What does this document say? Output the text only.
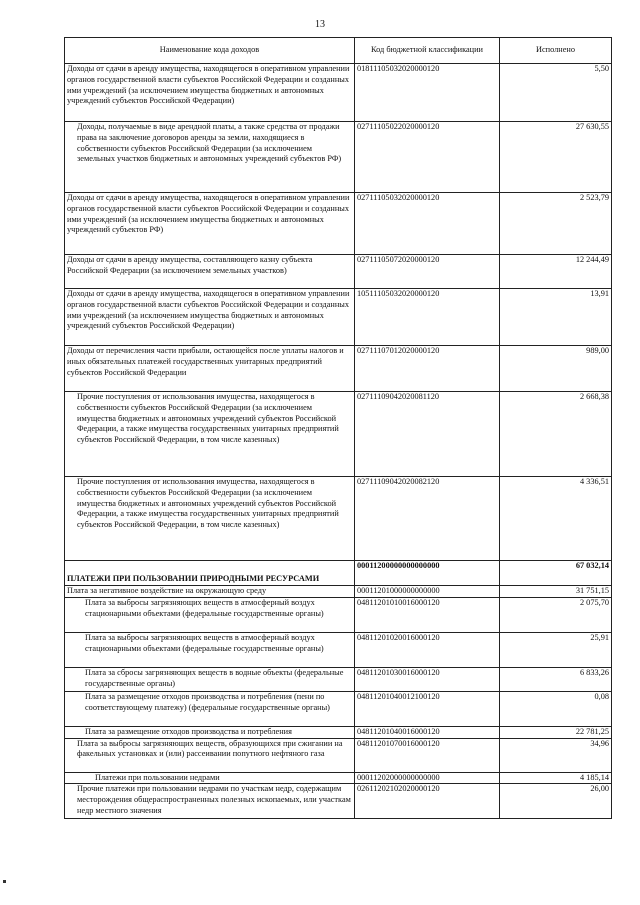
13
Наименование кода доходов	Код бюджетной классификации	Исполнено
Доходы от сдачи в аренду имущества, находящегося в оперативном управлении органов государственной власти субъектов Российской Федерации и созданных ими учреждений (за исключением имущества бюджетных и автономных учреждений субъектов Российской Федерации)	01811105032020000120	5,50
Доходы, получаемые в виде арендной платы, а также средства от продажи права на заключение договоров аренды за земли, находящиеся в собственности субъектов Российской Федерации (за исключением земельных участков бюджетных и автономных учреждений субъектов РФ)	02711105022020000120	27 630,55
Доходы от сдачи в аренду имущества, находящегося в оперативном управлении органов государственной власти субъектов Российской Федерации и созданных ими учреждений (за исключением имущества бюджетных и автономных учреждений субъектов РФ)	02711105032020000120	2 523,79
Доходы от сдачи в аренду имущества, составляющего казну субъекта Российской Федерации (за исключением земельных участков)	02711105072020000120	12 244,49
Доходы от сдачи в аренду имущества, находящегося в оперативном управлении органов государственной власти субъектов Российской Федерации и созданных ими учреждений (за исключением имущества бюджетных и автономных учреждений субъектов Российской Федерации)	10511105032020000120	13,91
Доходы от перечисления части прибыли, остающейся после уплаты налогов и иных обязательных платежей государственных унитарных предприятий субъектов Российской Федерации	02711107012020000120	989,00
Прочие поступления от использования имущества, находящегося в собственности субъектов Российской Федерации (за исключением имущества бюджетных и автономных учреждений субъектов Российской Федерации, а также имущества государственных унитарных предприятий субъектов Российской Федерации, в том числе казенных)	02711109042020081120	2 668,38
Прочие поступления от использования имущества, находящегося в собственности субъектов Российской Федерации (за исключением имущества бюджетных и автономных учреждений субъектов Российской Федерации, а также имущества государственных унитарных предприятий субъектов Российской Федерации, в том числе казенных)	02711109042020082120	4 336,51
ПЛАТЕЖИ ПРИ ПОЛЬЗОВАНИИ ПРИРОДНЫМИ РЕСУРСАМИ	00011200000000000000	67 032,14
Плата за негативное воздействие на окружающую среду	00011201000000000000	31 751,15
Плата за выбросы загрязняющих веществ в атмосферный воздух стационарными объектами (федеральные государственные органы)	04811201010016000120	2 075,70
Плата за выбросы загрязняющих веществ в атмосферный воздух стационарными объектами (федеральные государственные органы)	04811201020016000120	25,91
Плата за сбросы загрязняющих веществ в водные объекты (федеральные государственные органы)	04811201030016000120	6 833,26
Плата за размещение отходов производства и потребления (пени по соответствующему платежу) (федеральные государственные органы)	04811201040012100120	0,08
Плата за размещение отходов производства и потребления	04811201040016000120	22 781,25
Плата за выбросы загрязняющих веществ, образующихся при сжигании на факельных установках и (или) рассеивании попутного нефтяного газа	04811201070016000120	34,96
Платежи при пользовании недрами	00011202000000000000	4 185,14
Прочие платежи при пользовании недрами по участкам недр, содержащим месторождения общераспространенных полезных ископаемых, или участкам недр местного значения	02611202102020000120	26,00
